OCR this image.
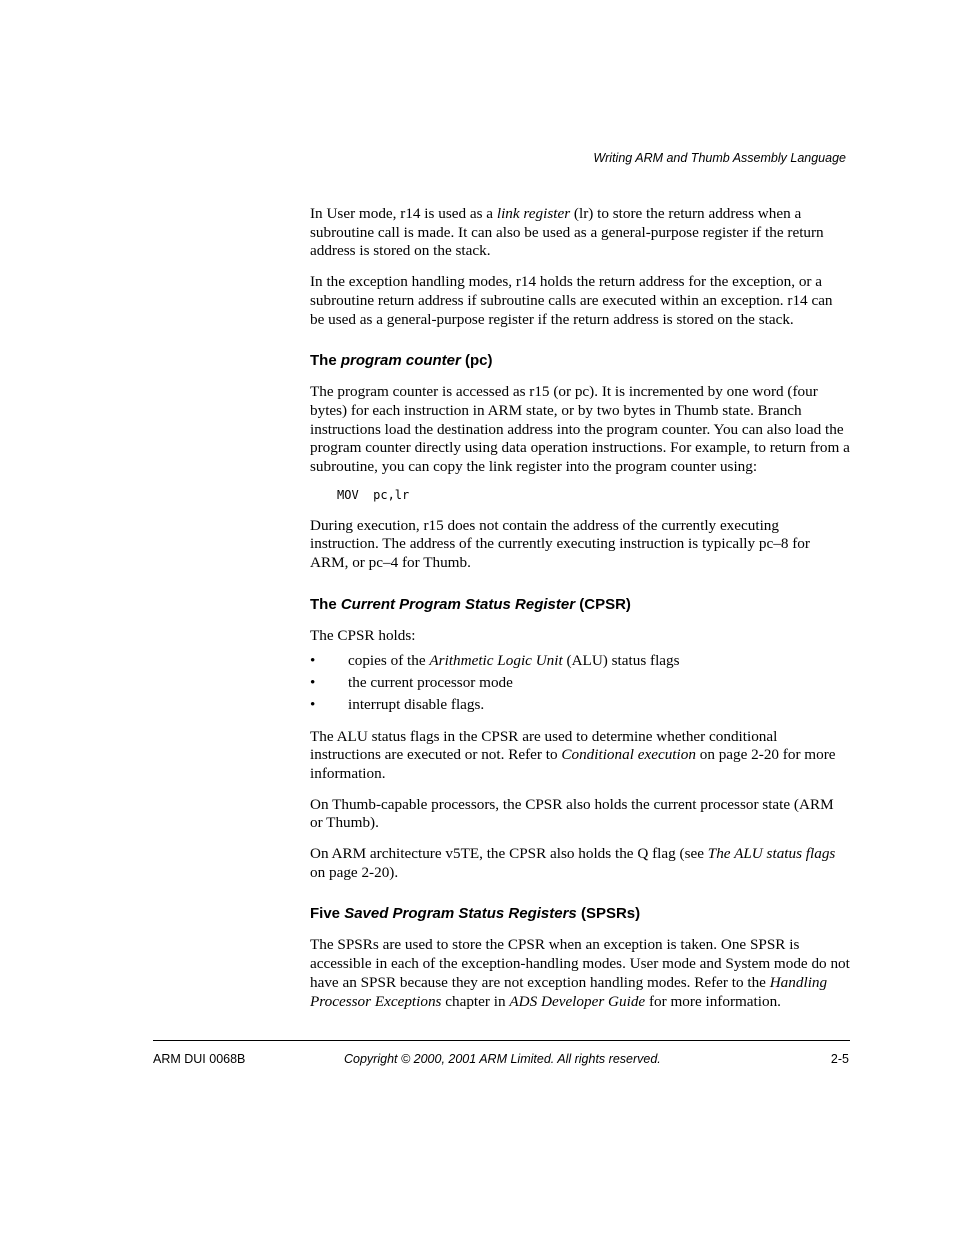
Writing ARM and Thumb Assembly Language

In User mode, r14 is used as a link register (lr) to store the return address when a subroutine call is made. It can also be used as a general-purpose register if the return address is stored on the stack.

In the exception handling modes, r14 holds the return address for the exception, or a subroutine return address if subroutine calls are executed within an exception. r14 can be used as a general-purpose register if the return address is stored on the stack.

The program counter (pc)

The program counter is accessed as r15 (or pc). It is incremented by one word (four bytes) for each instruction in ARM state, or by two bytes in Thumb state. Branch instructions load the destination address into the program counter. You can also load the program counter directly using data operation instructions. For example, to return from a subroutine, you can copy the link register into the program counter using:

MOV  pc,lr

During execution, r15 does not contain the address of the currently executing instruction. The address of the currently executing instruction is typically pc–8 for ARM, or pc–4 for Thumb.

The Current Program Status Register (CPSR)

The CPSR holds:

• copies of the Arithmetic Logic Unit (ALU) status flags
• the current processor mode
• interrupt disable flags.

The ALU status flags in the CPSR are used to determine whether conditional instructions are executed or not. Refer to Conditional execution on page 2-20 for more information.

On Thumb-capable processors, the CPSR also holds the current processor state (ARM or Thumb).

On ARM architecture v5TE, the CPSR also holds the Q flag (see The ALU status flags on page 2-20).

Five Saved Program Status Registers (SPSRs)

The SPSRs are used to store the CPSR when an exception is taken. One SPSR is accessible in each of the exception-handling modes. User mode and System mode do not have an SPSR because they are not exception handling modes. Refer to the Handling Processor Exceptions chapter in ADS Developer Guide for more information.

ARM DUI 0068B	Copyright © 2000, 2001 ARM Limited. All rights reserved.	2-5
